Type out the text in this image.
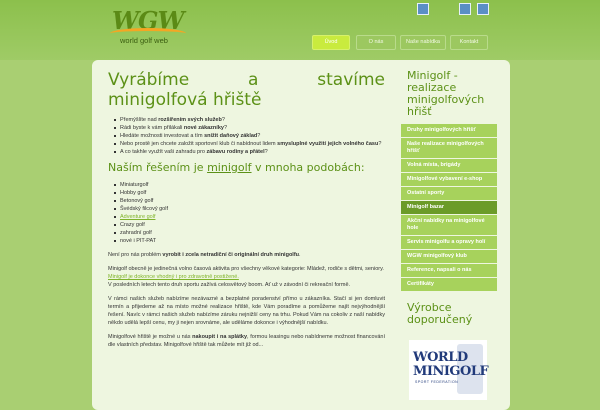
WGW
world golf web	Úvod	O nás	Naše nabídka	Kontakt
Vyrábíme	a	stavíme
minigolfová hřiště
Přemýšlíte nad rozšířením svých služeb?
Rádi byste k vám přilákali nové zákazníky?
Hledáte možnosti investovat a tím snížit daňový základ?
Nebo prostě jen chcete založit sportovní klub či nabídnout lidem smysluplné využití jejich volného času?
A co takhle využít vaši zahradu pro zábavu rodiny a přátel?
Naším řešením je minigolf v mnoha podobách:
Miniaturgolf
Hobby golf
Betonový golf
Švédský filcový golf
Adventure golf
Crazy golf
zahradní golf
nové i PIT-PAT

Není pro nás problém vyrobit i zcela netradiční či originální druh minigolfu.

Minigolf obecně je jedinečná volno časová aktivita pro všechny věkové kategorie: Mládež, rodiče s dětmi, seniory.
Minigolf je dokonce vhodný i pro zdravotně postižené.
V posledních letech tento druh sportu zažívá celosvětový boom. Ať už v závodní či rekreační formě.

V rámci našich služeb nabízíme nezávazné a bezplatné poradenství přímo u zákazníka. Stačí si jen domluvit termín a přijedeme až na místo možné realizace hřiště, kde Vám poradíme a pomůžeme najít nejvýhodnější řešení. Navíc v rámci našich služeb nabízíme záruku nejnižší ceny na trhu. Pokud Vám na cokoliv z naší nabídky někdo udělá lepší cenu, my ji nejen srovnáme, ale uděláme dokonce i výhodnější nabídku.

Minigolfové hřiště je možné u nás nakoupit i na splátky, formou leasingu nebo nabídneme možnost financování dle vlastních představ. Minigolfové hřiště tak můžete mít již od...

Minigolf - realizace minigolfových hřišť
Druhy minigolfových hřišť
Naše realizace minigolfových hřišť
Volná místa, brigády
Minigolfové vybavení e-shop
Ostatní sporty
Minigolf bazar
Akční nabídky na minigolfové hole
Servis minigolfu a opravy holí
WGW minigolfový klub
Reference, napsali o nás
Certifikáty
Výrobce doporučený
WORLD
MINIGOLF
SPORT FEDERATION
